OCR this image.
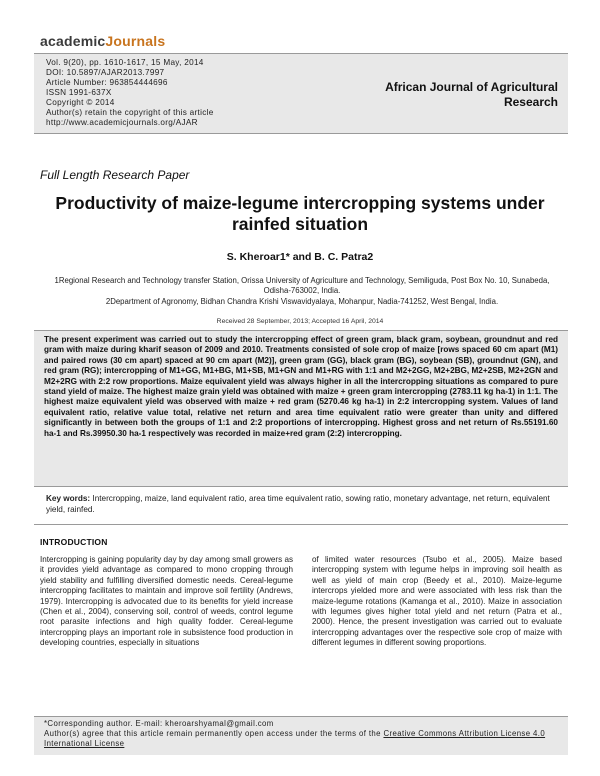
academicJournals
Vol. 9(20), pp. 1610-1617, 15 May, 2014
DOI: 10.5897/AJAR2013.7997
Article Number: 963854444696
ISSN 1991-637X
Copyright © 2014
Author(s) retain the copyright of this article
http://www.academicjournals.org/AJAR
African Journal of Agricultural Research
Full Length Research Paper
Productivity of maize-legume intercropping systems under rainfed situation
S. Kheroar1* and B. C. Patra2
1Regional Research and Technology transfer Station, Orissa University of Agriculture and Technology, Semiliguda, Post Box No. 10, Sunabeda, Odisha-763002, India.
2Department of Agronomy, Bidhan Chandra Krishi Viswavidyalaya, Mohanpur, Nadia-741252, West Bengal, India.
Received 28 September, 2013; Accepted 16 April, 2014
The present experiment was carried out to study the intercropping effect of green gram, black gram, soybean, groundnut and red gram with maize during kharif season of 2009 and 2010. Treatments consisted of sole crop of maize [rows spaced 60 cm apart (M1) and paired rows (30 cm apart) spaced at 90 cm apart (M2)], green gram (GG), black gram (BG), soybean (SB), groundnut (GN), and red gram (RG); intercropping of M1+GG, M1+BG, M1+SB, M1+GN and M1+RG with 1:1 and M2+2GG, M2+2BG, M2+2SB, M2+2GN and M2+2RG with 2:2 row proportions. Maize equivalent yield was always higher in all the intercropping situations as compared to pure stand yield of maize. The highest maize grain yield was obtained with maize + green gram intercropping (2783.11 kg ha-1) in 1:1. The highest maize equivalent yield was observed with maize + red gram (5270.46 kg ha-1) in 2:2 intercropping system. Values of land equivalent ratio, relative value total, relative net return and area time equivalent ratio were greater than unity and differed significantly in between both the groups of 1:1 and 2:2 proportions of intercropping. Highest gross and net return of Rs.55191.60 ha-1 and Rs.39950.30 ha-1 respectively was recorded in maize+red gram (2:2) intercropping.
Key words: Intercropping, maize, land equivalent ratio, area time equivalent ratio, sowing ratio, monetary advantage, net return, equivalent yield, rainfed.
INTRODUCTION
Intercropping is gaining popularity day by day among small growers as it provides yield advantage as compared to mono cropping through yield stability and fulfilling diversified domestic needs. Cereal-legume intercropping facilitates to maintain and improve soil fertility (Andrews, 1979). Intercropping is advocated due to its benefits for yield increase (Chen et al., 2004), conserving soil, control of weeds, control legume root parasite infections and high quality fodder. Cereal-legume intercropping plays an important role in subsistence food production in developing countries, especially in situations
of limited water resources (Tsubo et al., 2005). Maize based intercropping system with legume helps in improving soil health as well as yield of main crop (Beedy et al., 2010). Maize-legume intercrops yielded more and were associated with less risk than the maize-legume rotations (Kamanga et al., 2010). Maize in association with legumes gives higher total yield and net return (Patra et al., 2000). Hence, the present investigation was carried out to evaluate intercropping advantages over the respective sole crop of maize with different legumes in different sowing proportions.
*Corresponding author. E-mail: kheroarshyamal@gmail.com
Author(s) agree that this article remain permanently open access under the terms of the Creative Commons Attribution License 4.0 International License
